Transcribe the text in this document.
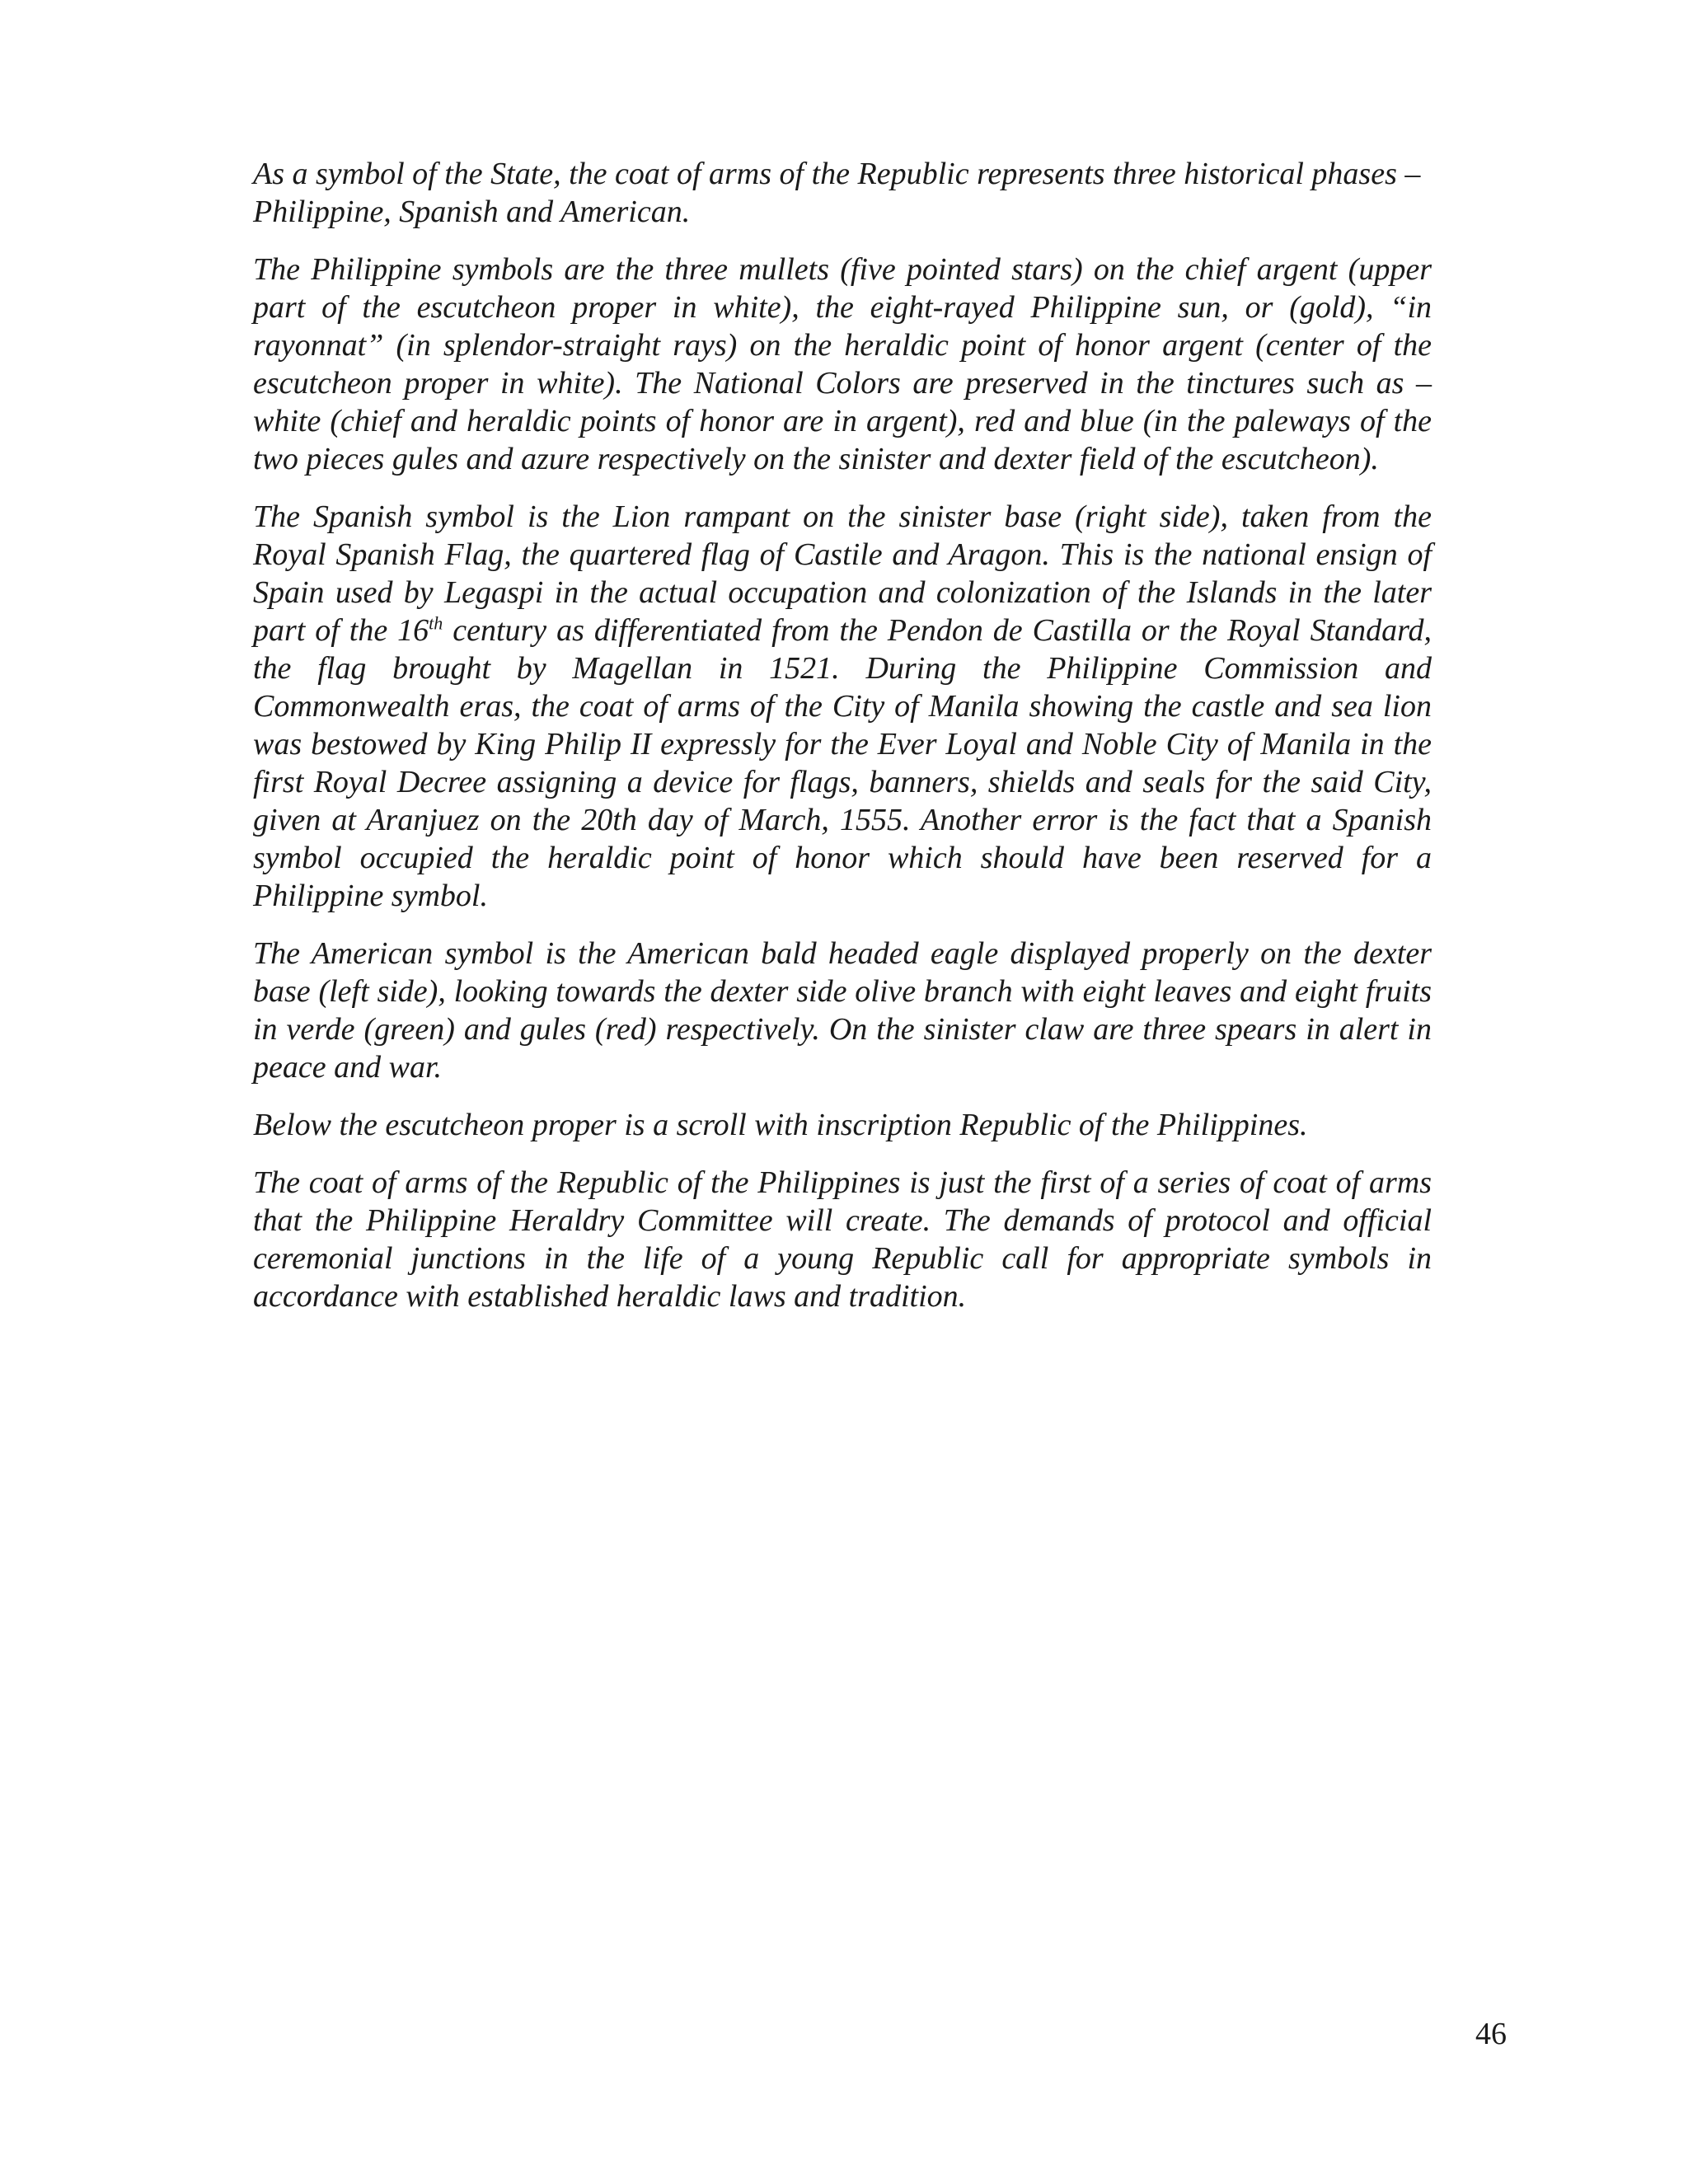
As a symbol of the State, the coat of arms of the Republic represents three historical phases – Philippine, Spanish and American.

The Philippine symbols are the three mullets (five pointed stars) on the chief argent (upper part of the escutcheon proper in white), the eight-rayed Philippine sun, or (gold), “in rayonnat” (in splendor-straight rays) on the heraldic point of honor argent (center of the escutcheon proper in white). The National Colors are preserved in the tinctures such as – white (chief and heraldic points of honor are in argent), red and blue (in the paleways of the two pieces gules and azure respectively on the sinister and dexter field of the escutcheon).

The Spanish symbol is the Lion rampant on the sinister base (right side), taken from the Royal Spanish Flag, the quartered flag of Castile and Aragon. This is the national ensign of Spain used by Legaspi in the actual occupation and colonization of the Islands in the later part of the 16th century as differentiated from the Pendon de Castilla or the Royal Standard, the flag brought by Magellan in 1521. During the Philippine Commission and Commonwealth eras, the coat of arms of the City of Manila showing the castle and sea lion was bestowed by King Philip II expressly for the Ever Loyal and Noble City of Manila in the first Royal Decree assigning a device for flags, banners, shields and seals for the said City, given at Aranjuez on the 20th day of March, 1555. Another error is the fact that a Spanish symbol occupied the heraldic point of honor which should have been reserved for a Philippine symbol.

The American symbol is the American bald headed eagle displayed properly on the dexter base (left side), looking towards the dexter side olive branch with eight leaves and eight fruits in verde (green) and gules (red) respectively. On the sinister claw are three spears in alert in peace and war.

Below the escutcheon proper is a scroll with inscription Republic of the Philippines.

The coat of arms of the Republic of the Philippines is just the first of a series of coat of arms that the Philippine Heraldry Committee will create. The demands of protocol and official ceremonial junctions in the life of a young Republic call for appropriate symbols in accordance with established heraldic laws and tradition.

46
